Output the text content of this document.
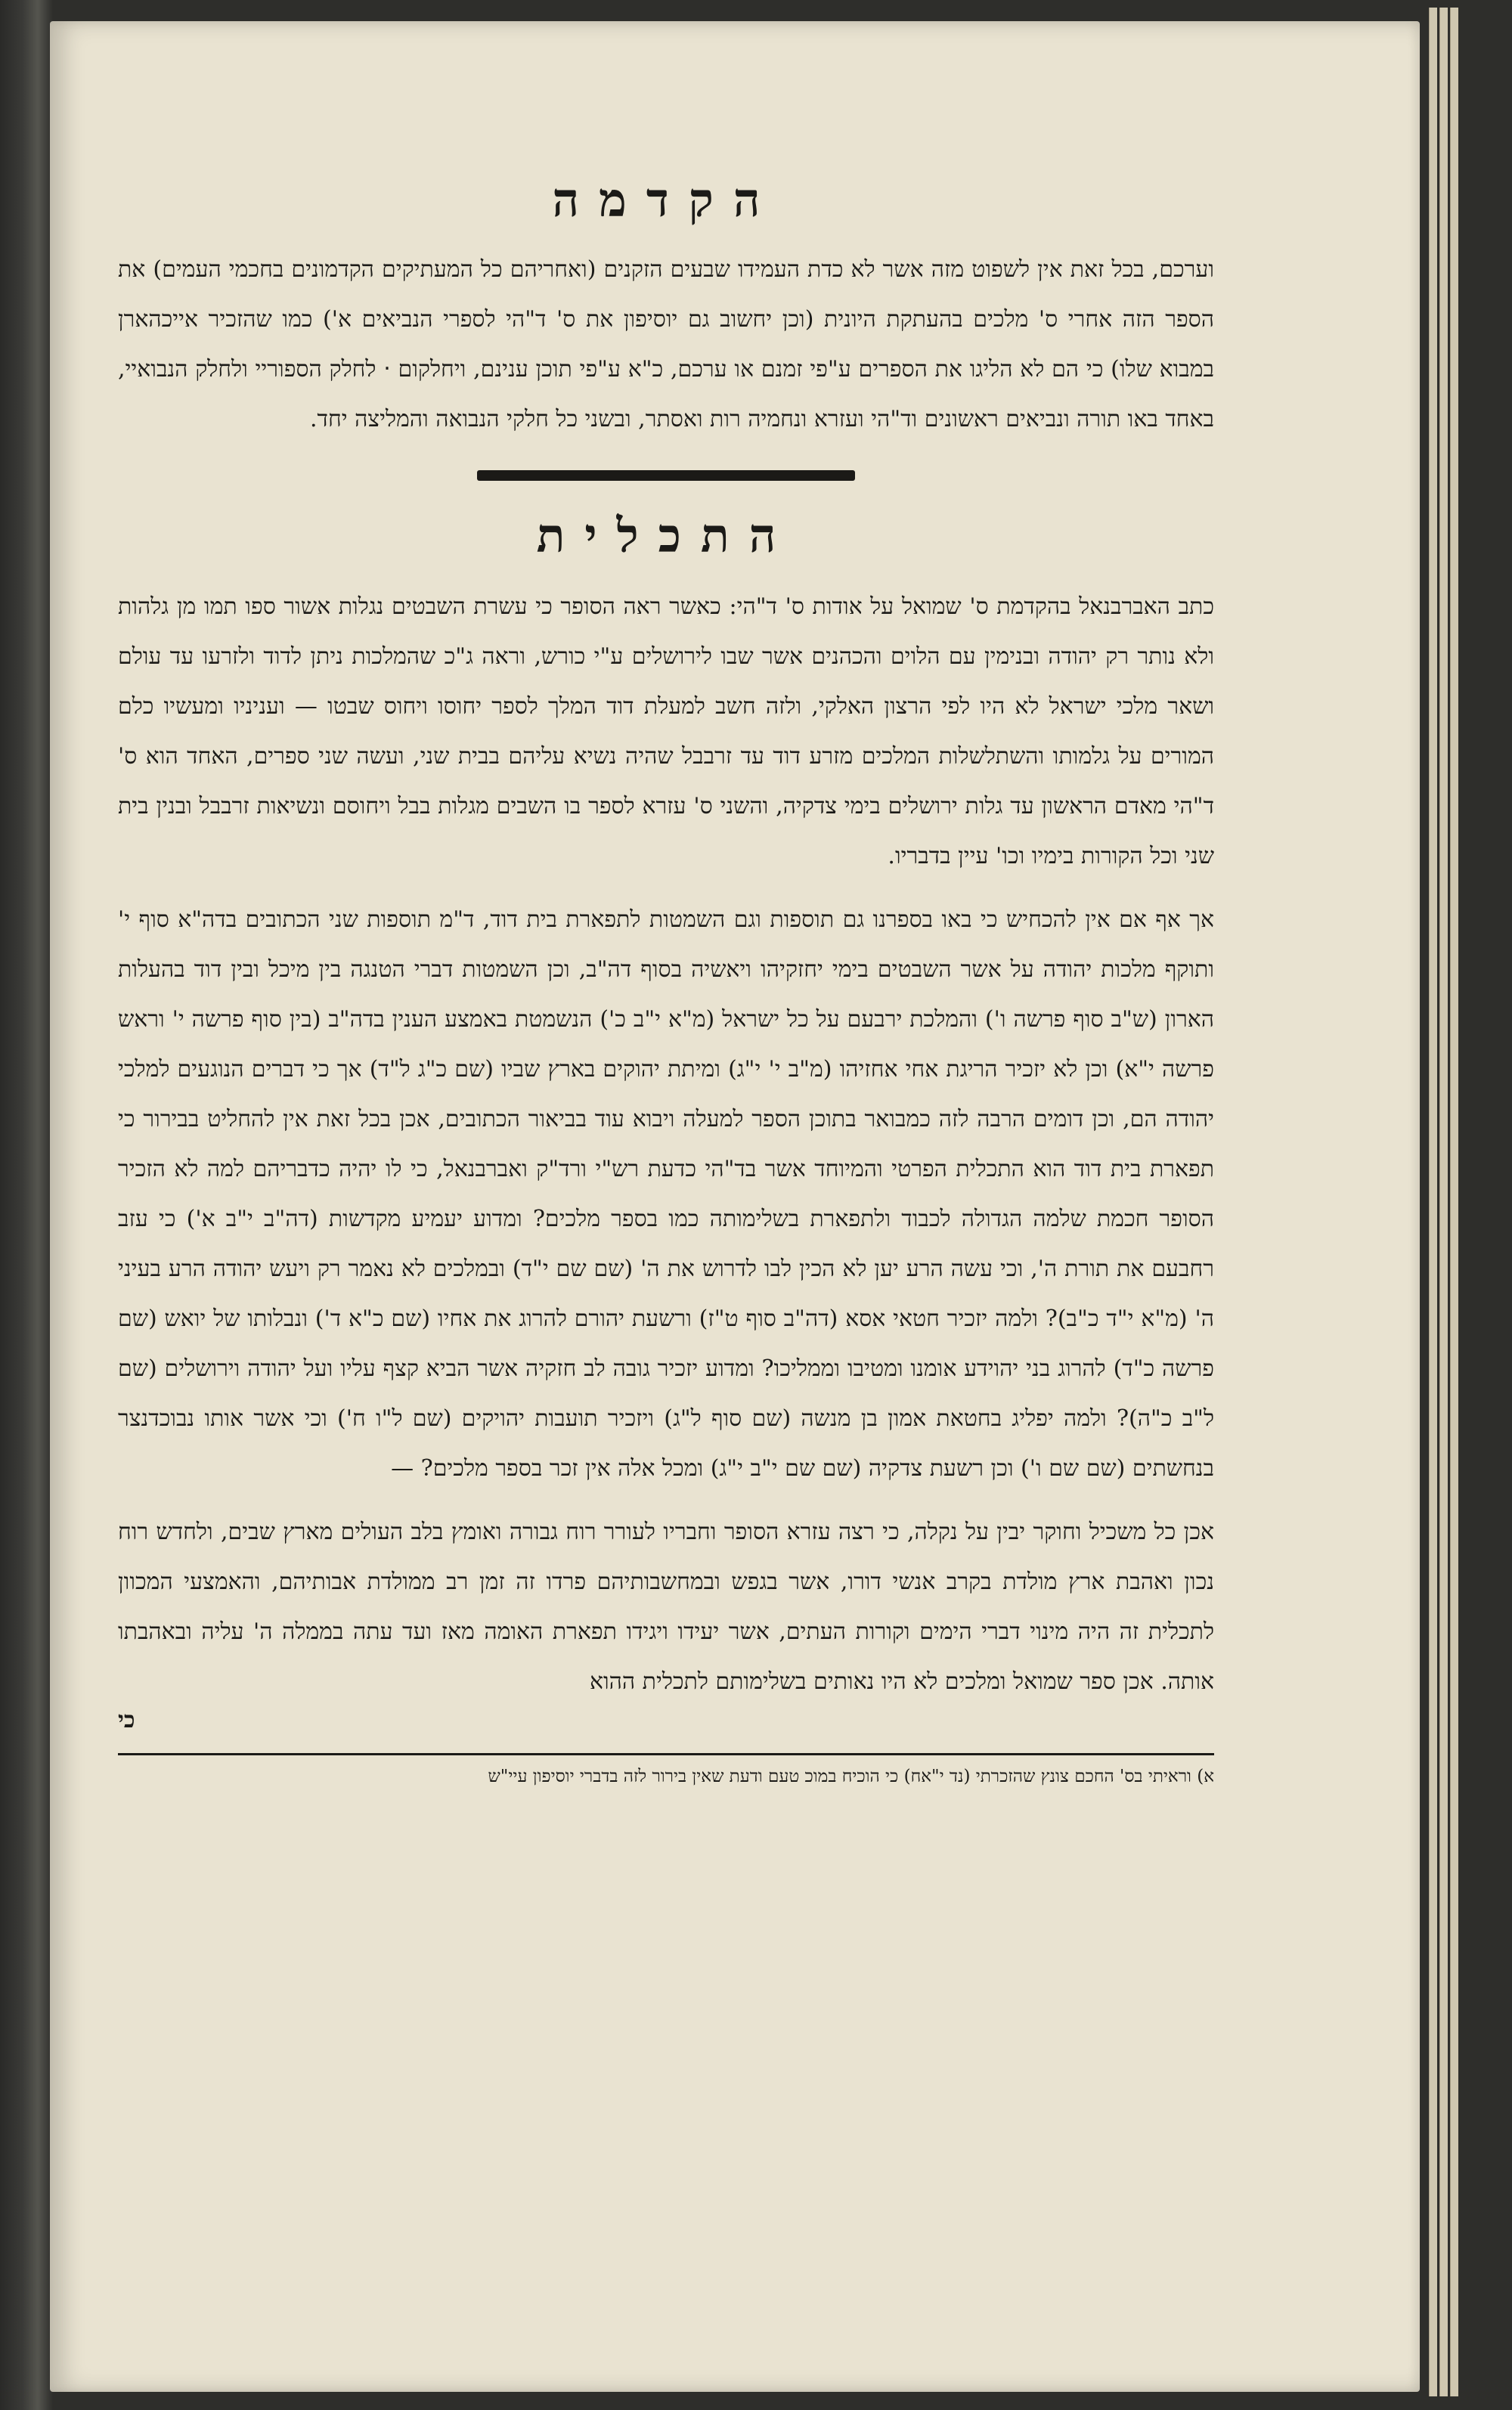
הקדמה

וערכם, בכל זאת אין לשפוט מזה אשר לא כדת העמידו שבעים הזקנים (ואחריהם כל המעתיקים הקדמונים בחכמי העמים) את הספר הזה אחרי ס' מלכים בהעתקת היונית (וכן יחשוב גם יוסיפון את ס' ד"הי לספרי הנביאים א') כמו שהזכיר אייכהארן במבוא שלו) כי הם לא הליגו את הספרים ע"פי זמנם או ערכם, כ"א ע"פי תוכן ענינם, ויחלקום ‧ לחלק הספוריי ולחלק הנבואיי, באחד באו תורה ונביאים ראשונים וד"הי ועזרא ונחמיה רות ואסתר, ובשני כל חלקי הנבואה והמליצה יחד.

התכלית

כתב האברבנאל בהקדמת ס' שמואל על אודות ס' ד"הי: כאשר ראה הסופר כי עשרת השבטים נגלות אשור ספו תמו מן גלהות ולא נותר רק יהודה ובנימין עם הלוים והכהנים אשר שבו לירושלים ע"י כורש, וראה ג"כ שהמלכות ניתן לדוד ולזרעו עד עולם ושאר מלכי ישראל לא היו לפי הרצון האלקי, ולזה חשב למעלת דוד המלך לספר יחוסו ויחוס שבטו — ועניניו ומעשיו כלם המורים על גלמותו והשתלשלות המלכים מזרע דוד עד זרבבל שהיה נשיא עליהם בבית שני, ועשה שני ספרים, האחד הוא ס' ד"הי מאדם הראשון עד גלות ירושלים בימי צדקיה, והשני ס' עזרא לספר בו השבים מגלות בבל ויחוסם ונשיאות זרבבל ובנין בית שני וכל הקורות בימיו וכו' עיין בדבריו.

אך אף אם אין להכחיש כי באו בספרנו גם תוספות וגם השמטות לתפארת בית דוד, ד"מ תוספות שני הכתובים בדה"א סוף י' ותוקף מלכות יהודה על אשר השבטים בימי יחזקיהו ויאשיה בסוף דה"ב, וכן השמטות דברי הטנגה בין מיכל ובין דוד בהעלות הארון (ש"ב סוף פרשה ו') והמלכת ירבעם על כל ישראל (מ"א י"ב כ') הנשמטת באמצע הענין בדה"ב (בין סוף פרשה י' וראש פרשה י"א) וכן לא יזכיר הריגת אחי אחזיהו (מ"ב י' י"ג) ומיתת יהוקים בארץ שביו (שם כ"ג ל"ד) אך כי דברים הנוגעים למלכי יהודה הם, וכן דומים הרבה לזה כמבואר בתוכן הספר למעלה ויבוא עוד בביאור הכתובים, אכן בכל זאת אין להחליט בבירור כי תפארת בית דוד הוא התכלית הפרטי והמיוחד אשר בד"הי כדעת רש"י ורד"ק ואברבנאל, כי לו יהיה כדבריהם למה לא הזכיר הסופר חכמת שלמה הגדולה לכבוד ולתפארת בשלימותה כמו בספר מלכים? ומדוע יעמיע מקדשות (דה"ב י"ב א') כי עזב רחבעם את תורת ה', וכי עשה הרע יען לא הכין לבו לדרוש את ה' (שם שם י"ד) ובמלכים לא נאמר רק ויעש יהודה הרע בעיני ה' (מ"א י"ד כ"ב)? ולמה יזכיר חטאי אסא (דה"ב סוף ט"ז) ורשעת יהורם להרוג את אחיו (שם כ"א ד') ונבלותו של יואש (שם פרשה כ"ד) להרוג בני יהוידע אומנו ומטיבו וממליכו? ומדוע יזכיר גובה לב חזקיה אשר הביא קצף עליו ועל יהודה וירושלים (שם ל"ב כ"ה)? ולמה יפליג בחטאת אמון בן מנשה (שם סוף ל"ג) ויזכיר תועבות יהויקים (שם ל"ו ח') וכי אשר אותו נבוכדנצר בנחשתים (שם שם ו') וכן רשעת צדקיה (שם שם י"ב י"ג) ומכל אלה אין זכר בספר מלכים? —

אכן כל משכיל וחוקר יבין על נקלה, כי רצה עזרא הסופר וחבריו לעורר רוח גבורה ואומץ בלב העולים מארץ שבים, ולחדש רוח נכון ואהבת ארץ מולדת בקרב אנשי דורו, אשר בגפש ובמחשבותיהם פרדו זה זמן רב ממולדת אבותיהם, והאמצעי המכוון לתכלית זה היה מינוי דברי הימים וקורות העתים, אשר יעידו ויגידו תפארת האומה מאז ועד עתה בממלה ה' עליה ובאהבתו אותה. אכן ספר שמואל ומלכים לא היו נאותים בשלימותם לתכלית ההוא

כי

א) וראיתי בס' החכם צונץ שהזכרתי (נד י"אח) כי הוכיח במוכ טעם ודעת שאין בירור לזה בדברי יוסיפון עיי"ש
